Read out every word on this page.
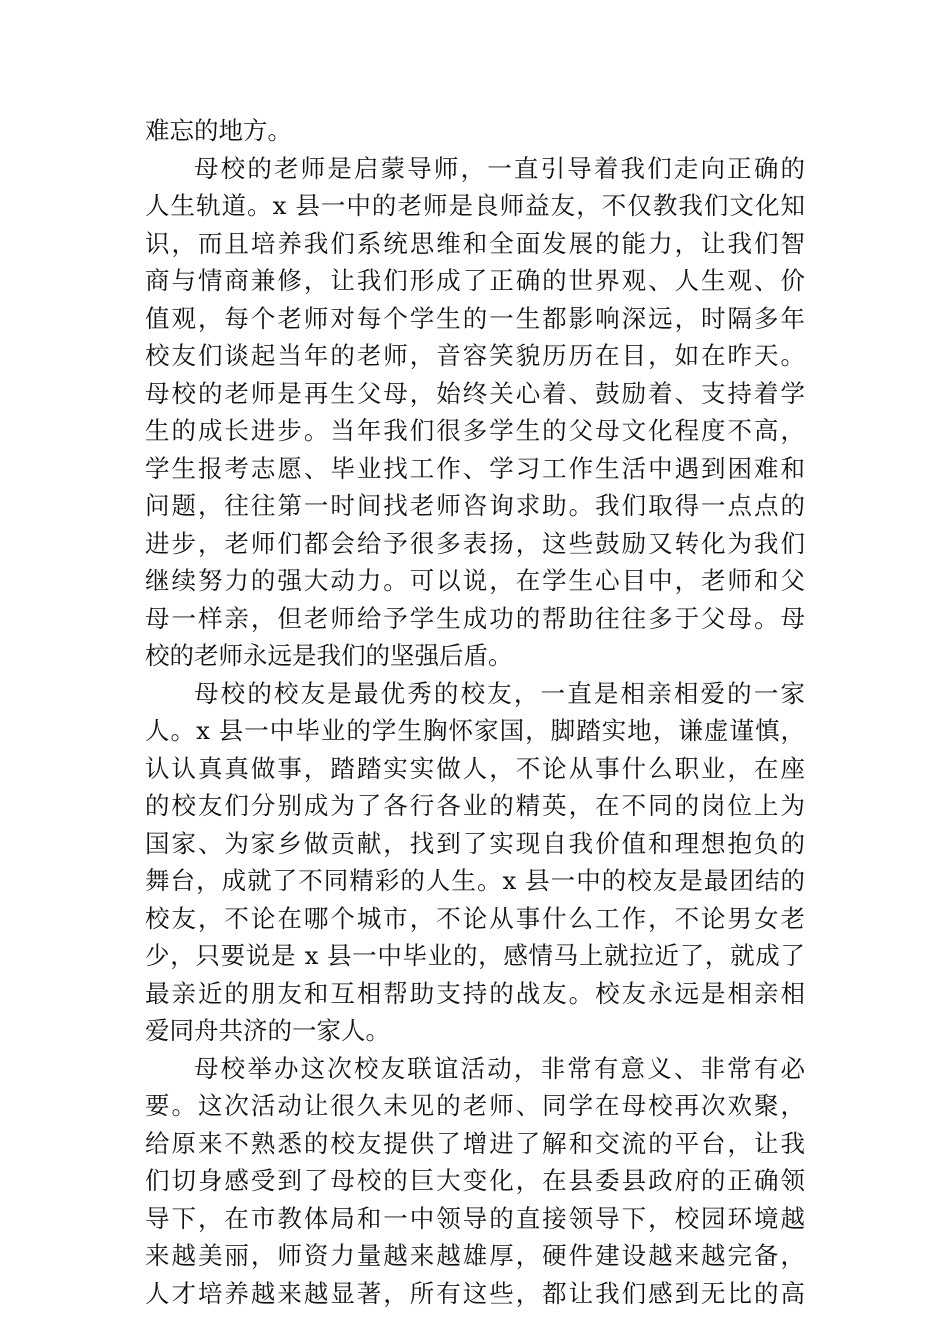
难忘的地方。
母校的老师是启蒙导师，一直引导着我们走向正确的
人生轨道。x 县一中的老师是良师益友，不仅教我们文化知
识，而且培养我们系统思维和全面发展的能力，让我们智
商与情商兼修，让我们形成了正确的世界观、人生观、价
值观，每个老师对每个学生的一生都影响深远，时隔多年
校友们谈起当年的老师，音容笑貌历历在目，如在昨天。
母校的老师是再生父母，始终关心着、鼓励着、支持着学
生的成长进步。当年我们很多学生的父母文化程度不高，
学生报考志愿、毕业找工作、学习工作生活中遇到困难和
问题，往往第一时间找老师咨询求助。我们取得一点点的
进步，老师们都会给予很多表扬，这些鼓励又转化为我们
继续努力的强大动力。可以说，在学生心目中，老师和父
母一样亲，但老师给予学生成功的帮助往往多于父母。母
校的老师永远是我们的坚强后盾。
母校的校友是最优秀的校友，一直是相亲相爱的一家
人。x 县一中毕业的学生胸怀家国，脚踏实地，谦虚谨慎，
认认真真做事，踏踏实实做人，不论从事什么职业，在座
的校友们分别成为了各行各业的精英，在不同的岗位上为
国家、为家乡做贡献，找到了实现自我价值和理想抱负的
舞台，成就了不同精彩的人生。x 县一中的校友是最团结的
校友，不论在哪个城市，不论从事什么工作，不论男女老
少，只要说是 x 县一中毕业的，感情马上就拉近了，就成了
最亲近的朋友和互相帮助支持的战友。校友永远是相亲相
爱同舟共济的一家人。
母校举办这次校友联谊活动，非常有意义、非常有必
要。这次活动让很久未见的老师、同学在母校再次欢聚，
给原来不熟悉的校友提供了增进了解和交流的平台，让我
们切身感受到了母校的巨大变化，在县委县政府的正确领
导下，在市教体局和一中领导的直接领导下，校园环境越
来越美丽，师资力量越来越雄厚，硬件建设越来越完备，
人才培养越来越显著，所有这些，都让我们感到无比的高
